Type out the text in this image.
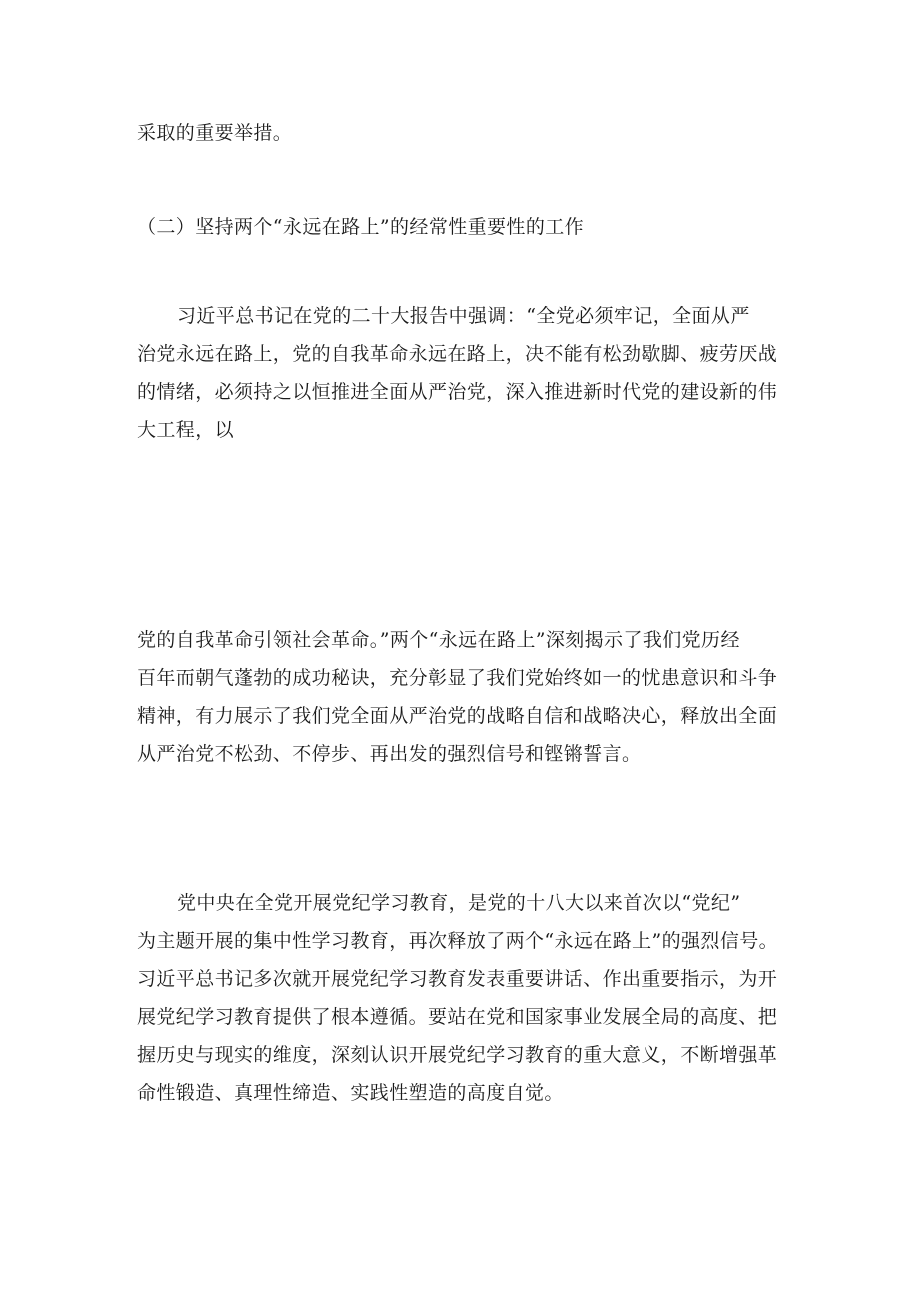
采取的重要举措。
（二）坚持两个“永远在路上”的经常性重要性的工作
习近平总书记在党的二十大报告中强调：“全党必须牢记，全面从严
治党永远在路上，党的自我革命永远在路上，决不能有松劲歇脚、疲劳厌战
的情绪，必须持之以恒推进全面从严治党，深入推进新时代党的建设新的伟
大工程，以
党的自我革命引领社会革命。”两个“永远在路上”深刻揭示了我们党历经
百年而朝气蓬勃的成功秘诀，充分彰显了我们党始终如一的忧患意识和斗争
精神，有力展示了我们党全面从严治党的战略自信和战略决心，释放出全面
从严治党不松劲、不停步、再出发的强烈信号和铿锵誓言。
党中央在全党开展党纪学习教育，是党的十八大以来首次以“党纪”
为主题开展的集中性学习教育，再次释放了两个“永远在路上”的强烈信号。
习近平总书记多次就开展党纪学习教育发表重要讲话、作出重要指示，为开
展党纪学习教育提供了根本遵循。要站在党和国家事业发展全局的高度、把
握历史与现实的维度，深刻认识开展党纪学习教育的重大意义，不断增强革
命性锻造、真理性缔造、实践性塑造的高度自觉。
